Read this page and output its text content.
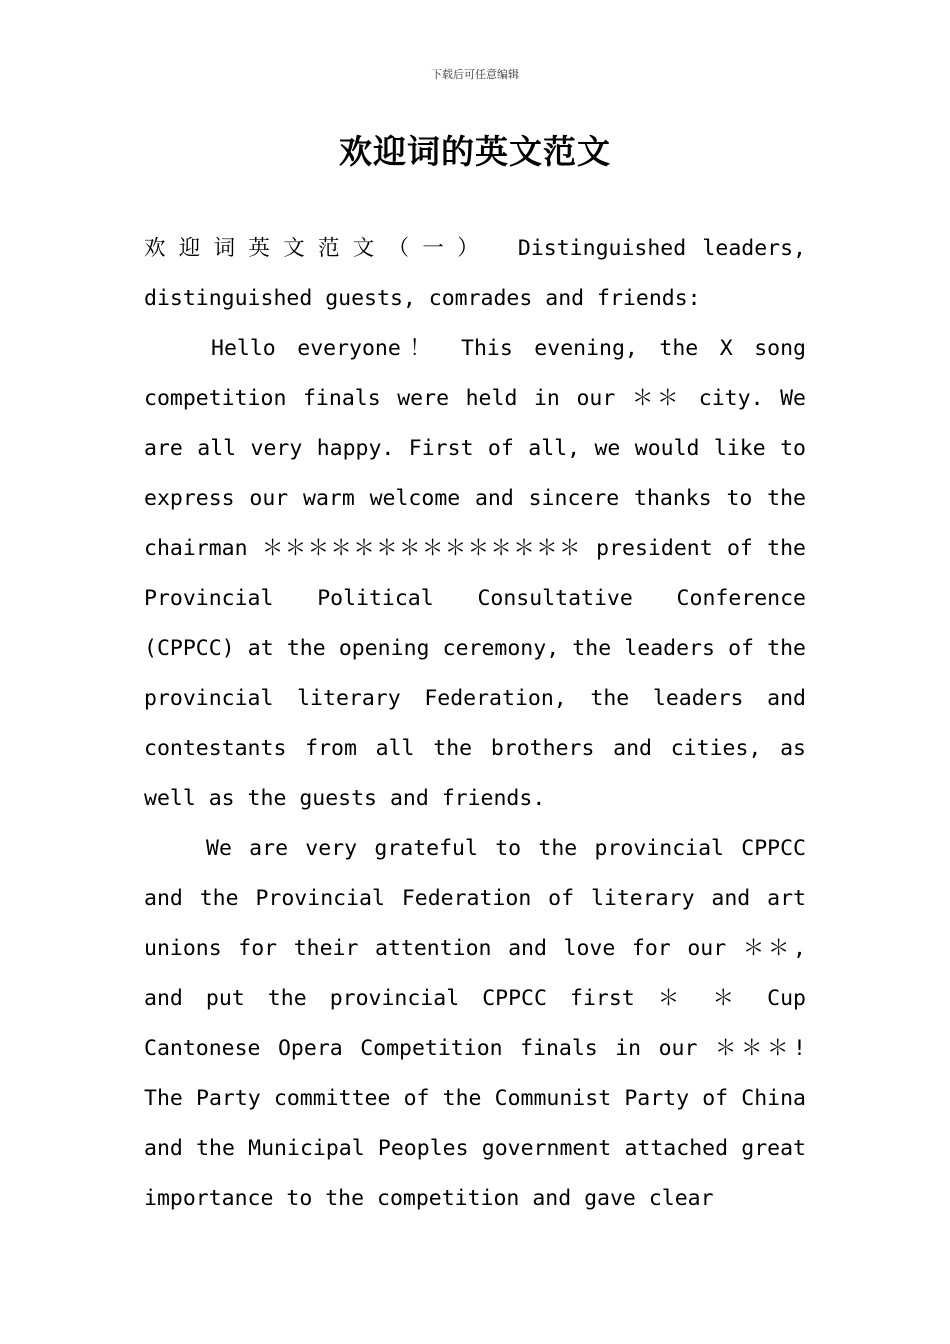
下载后可任意编辑
欢迎词的英文范文

欢迎词英文范文（一）   Distinguished leaders, distinguished guests, comrades and friends:

Hello everyone！ This evening, the X song competition finals were held in our ＊＊ city. We are all very happy. First of all, we would like to express our warm welcome and sincere thanks to the chairman ＊＊＊＊＊＊＊＊＊＊＊＊＊＊ president of the Provincial Political Consultative Conference (CPPCC) at the opening ceremony, the leaders of the provincial literary Federation, the leaders and contestants from all the brothers and cities, as well as the guests and friends.

We are very grateful to the provincial CPPCC and the Provincial Federation of literary and art unions for their attention and love for our ＊＊, and put the provincial CPPCC first ＊ ＊ Cup Cantonese Opera Competition finals in our ＊＊＊! The Party committee of the Communist Party of China and the Municipal Peoples government attached great importance to the competition and gave clear
